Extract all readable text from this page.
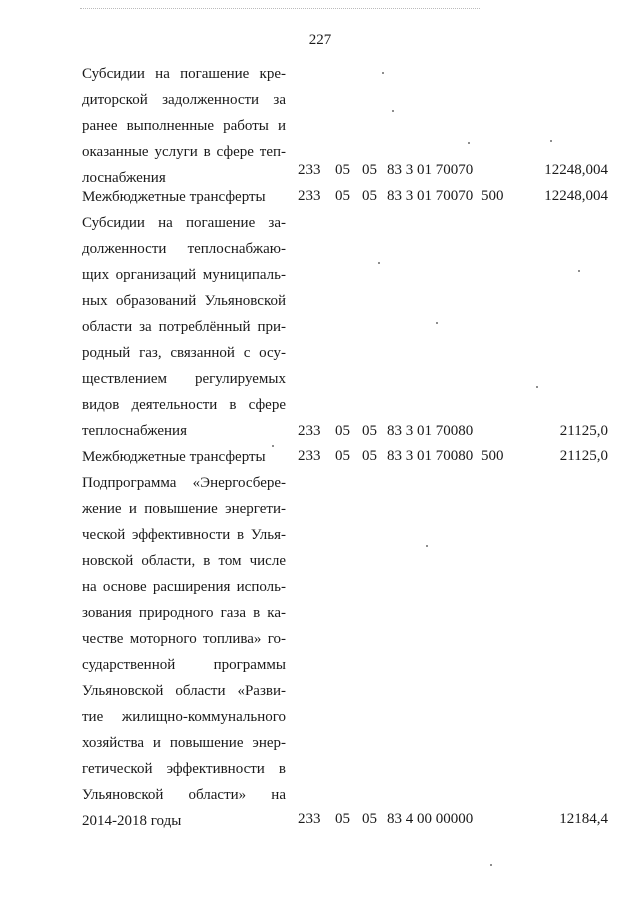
227
Субсидии на погашение кре-
диторской задолженности за
ранее выполненные работы и
оказанные услуги в сфере теп-
лоснабжения	233 05 05 83 3 01 70070	12248,004
Межбюджетные трансферты	233 05 05 83 3 01 70070 500	12248,004
Субсидии на погашение за-
долженности теплоснабжаю-
щих организаций муниципаль-
ных образований Ульяновской
области за потреблённый при-
родный газ, связанной с осу-
ществлением регулируемых
видов деятельности в сфере
теплоснабжения	233 05 05 83 3 01 70080	21125,0
Межбюджетные трансферты	233 05 05 83 3 01 70080 500	21125,0
Подпрограмма «Энергосбере-
жение и повышение энергети-
ческой эффективности в Улья-
новской области, в том числе
на основе расширения исполь-
зования природного газа в ка-
честве моторного топлива» го-
сударственной программы
Ульяновской области «Разви-
тие жилищно-коммунального
хозяйства и повышение энер-
гетической эффективности в
Ульяновской области» на
2014-2018 годы	233 05 05 83 4 00 00000	12184,4
